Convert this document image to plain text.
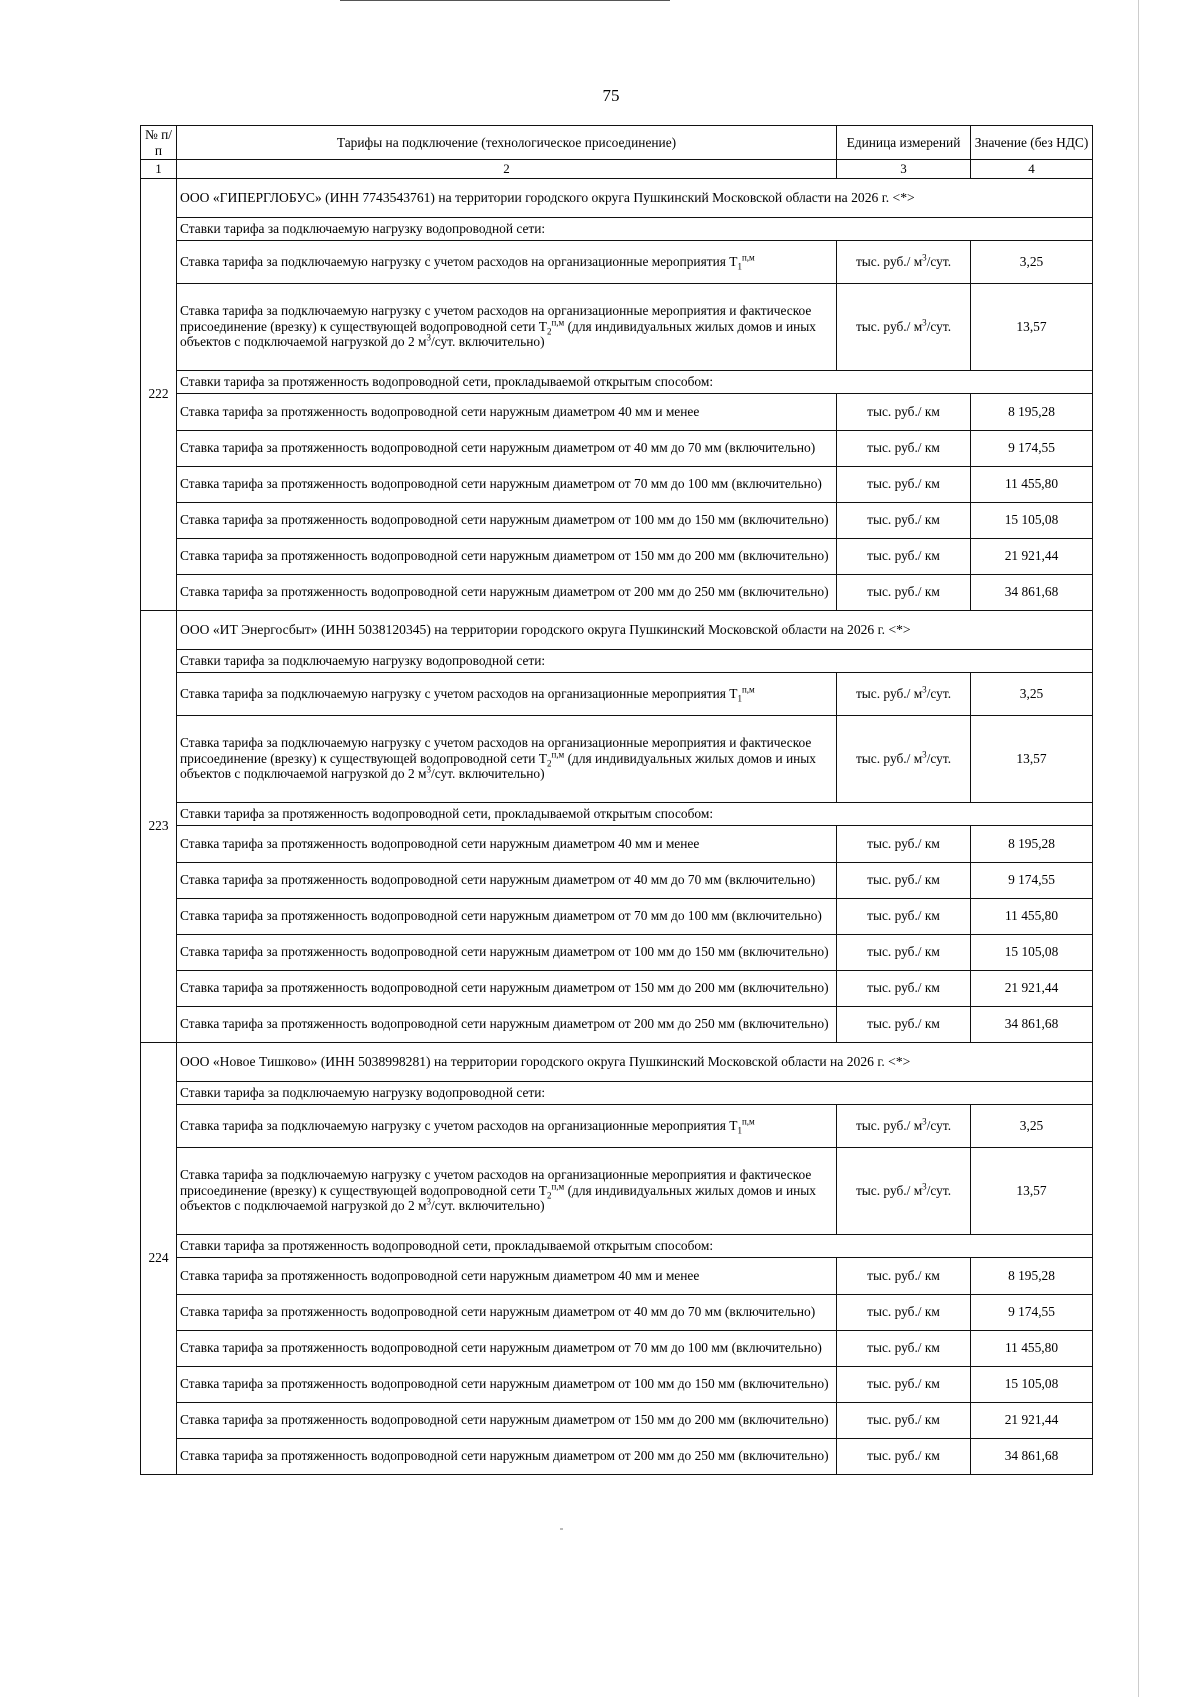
75
№ п/п	Тарифы на подключение (технологическое присоединение)	Единица измерений	Значение (без НДС)
1	2	3	4
222	ООО «ГИПЕРГЛОБУС» (ИНН 7743543761) на территории городского округа Пушкинский Московской области на 2026 г. <*>		
	Ставки тарифа за подключаемую нагрузку водопроводной сети:		
	Ставка тарифа за подключаемую нагрузку с учетом расходов на организационные мероприятия $T_1^{п,м}$	тыс. руб./ $м^3$/сут.	3,25
	Ставка тарифа за подключаемую нагрузку с учетом расходов на организационные мероприятия и фактическое присоединение (врезку) к существующей водопроводной сети $T_2^{п,м}$ (для индивидуальных жилых домов и иных объектов с подключаемой нагрузкой до 2 $м^3$/сут. включительно)	тыс. руб./ $м^3$/сут.	13,57
	Ставки тарифа за протяженность водопроводной сети, прокладываемой открытым способом:		
	Ставка тарифа за протяженность водопроводной сети наружным диаметром 40 мм и менее	тыс. руб./ км	8 195,28
	Ставка тарифа за протяженность водопроводной сети наружным диаметром от 40 мм до 70 мм (включительно)	тыс. руб./ км	9 174,55
	Ставка тарифа за протяженность водопроводной сети наружным диаметром от 70 мм до 100 мм (включительно)	тыс. руб./ км	11 455,80
	Ставка тарифа за протяженность водопроводной сети наружным диаметром от 100 мм до 150 мм (включительно)	тыс. руб./ км	15 105,08
	Ставка тарифа за протяженность водопроводной сети наружным диаметром от 150 мм до 200 мм (включительно)	тыс. руб./ км	21 921,44
	Ставка тарифа за протяженность водопроводной сети наружным диаметром от 200 мм до 250 мм (включительно)	тыс. руб./ км	34 861,68
223	ООО «ИТ Энергосбыт» (ИНН 5038120345) на территории городского округа Пушкинский Московской области на 2026 г. <*>		
	Ставки тарифа за подключаемую нагрузку водопроводной сети:		
	Ставка тарифа за подключаемую нагрузку с учетом расходов на организационные мероприятия $T_1^{п,м}$	тыс. руб./ $м^3$/сут.	3,25
	Ставка тарифа за подключаемую нагрузку с учетом расходов на организационные мероприятия и фактическое присоединение (врезку) к существующей водопроводной сети $T_2^{п,м}$ (для индивидуальных жилых домов и иных объектов с подключаемой нагрузкой до 2 $м^3$/сут. включительно)	тыс. руб./ $м^3$/сут.	13,57
	Ставки тарифа за протяженность водопроводной сети, прокладываемой открытым способом:		
	Ставка тарифа за протяженность водопроводной сети наружным диаметром 40 мм и менее	тыс. руб./ км	8 195,28
	Ставка тарифа за протяженность водопроводной сети наружным диаметром от 40 мм до 70 мм (включительно)	тыс. руб./ км	9 174,55
	Ставка тарифа за протяженность водопроводной сети наружным диаметром от 70 мм до 100 мм (включительно)	тыс. руб./ км	11 455,80
	Ставка тарифа за протяженность водопроводной сети наружным диаметром от 100 мм до 150 мм (включительно)	тыс. руб./ км	15 105,08
	Ставка тарифа за протяженность водопроводной сети наружным диаметром от 150 мм до 200 мм (включительно)	тыс. руб./ км	21 921,44
	Ставка тарифа за протяженность водопроводной сети наружным диаметром от 200 мм до 250 мм (включительно)	тыс. руб./ км	34 861,68
224	ООО «Новое Тишково» (ИНН 5038998281) на территории городского округа Пушкинский Московской области на 2026 г. <*>		
	Ставки тарифа за подключаемую нагрузку водопроводной сети:		
	Ставка тарифа за подключаемую нагрузку с учетом расходов на организационные мероприятия $T_1^{п,м}$	тыс. руб./ $м^3$/сут.	3,25
	Ставка тарифа за подключаемую нагрузку с учетом расходов на организационные мероприятия и фактическое присоединение (врезку) к существующей водопроводной сети $T_2^{п,м}$ (для индивидуальных жилых домов и иных объектов с подключаемой нагрузкой до 2 $м^3$/сут. включительно)	тыс. руб./ $м^3$/сут.	13,57
	Ставки тарифа за протяженность водопроводной сети, прокладываемой открытым способом:		
	Ставка тарифа за протяженность водопроводной сети наружным диаметром 40 мм и менее	тыс. руб./ км	8 195,28
	Ставка тарифа за протяженность водопроводной сети наружным диаметром от 40 мм до 70 мм (включительно)	тыс. руб./ км	9 174,55
	Ставка тарифа за протяженность водопроводной сети наружным диаметром от 70 мм до 100 мм (включительно)	тыс. руб./ км	11 455,80
	Ставка тарифа за протяженность водопроводной сети наружным диаметром от 100 мм до 150 мм (включительно)	тыс. руб./ км	15 105,08
	Ставка тарифа за протяженность водопроводной сети наружным диаметром от 150 мм до 200 мм (включительно)	тыс. руб./ км	21 921,44
	Ставка тарифа за протяженность водопроводной сети наружным диаметром от 200 мм до 250 мм (включительно)	тыс. руб./ км	34 861,68
